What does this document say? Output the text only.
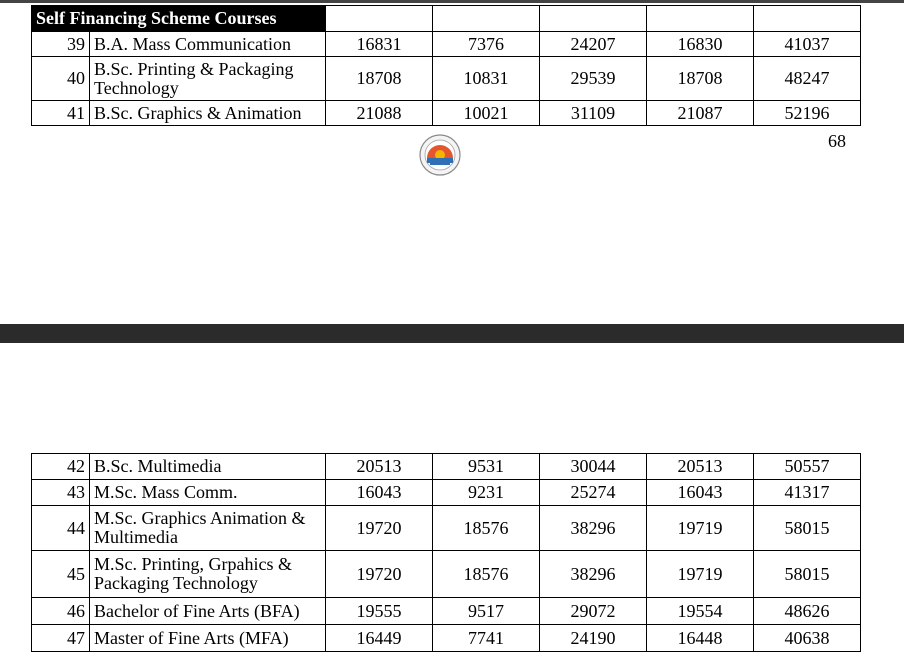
Self Financing Scheme Courses						
39	B.A. Mass Communication	16831	7376	24207	16830	41037
40	B.Sc. Printing & Packaging
Technology	18708	10831	29539	18708	48247
41	B.Sc. Graphics & Animation	21088	10021	31109	21087	52196
68
42	B.Sc. Multimedia	20513	9531	30044	20513	50557
43	M.Sc. Mass Comm.	16043	9231	25274	16043	41317
44	M.Sc. Graphics Animation &
Multimedia	19720	18576	38296	19719	58015
45	M.Sc. Printing, Grpahics &
Packaging Technology	19720	18576	38296	19719	58015
46	Bachelor of Fine Arts (BFA)	19555	9517	29072	19554	48626
47	Master of Fine Arts (MFA)	16449	7741	24190	16448	40638
